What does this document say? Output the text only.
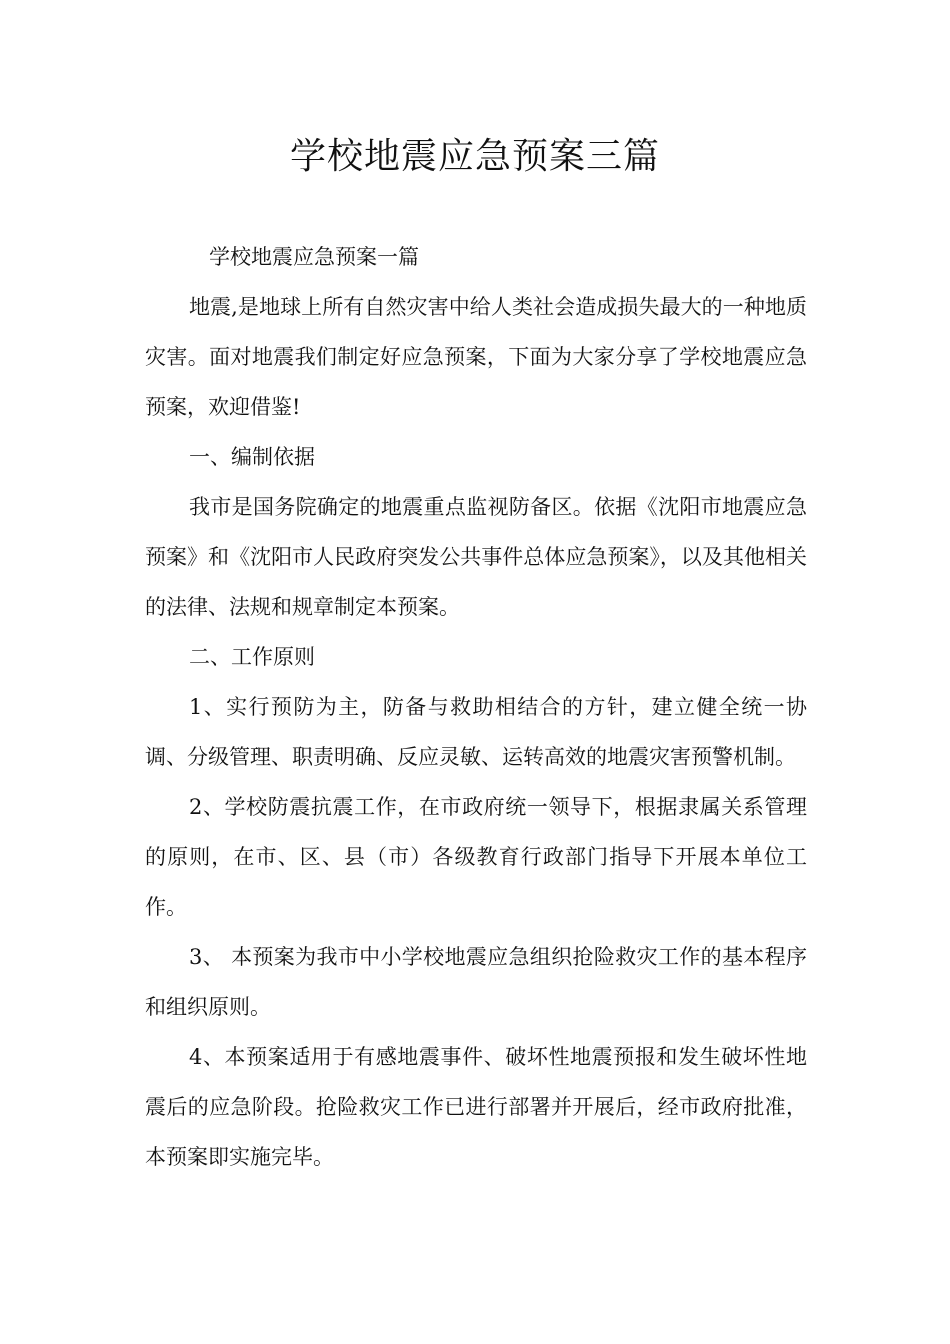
学校地震应急预案三篇

学校地震应急预案一篇

地震,是地球上所有自然灾害中给人类社会造成损失最大的一种地质灾害。面对地震我们制定好应急预案，下面为大家分享了学校地震应急预案，欢迎借鉴!

一、编制依据

我市是国务院确定的地震重点监视防备区。依据《沈阳市地震应急预案》和《沈阳市人民政府突发公共事件总体应急预案》，以及其他相关的法律、法规和规章制定本预案。

二、工作原则

1、实行预防为主，防备与救助相结合的方针，建立健全统一协调、分级管理、职责明确、反应灵敏、运转高效的地震灾害预警机制。

2、学校防震抗震工作，在市政府统一领导下，根据隶属关系管理的原则，在市、区、县（市）各级教育行政部门指导下开展本单位工作。

3、 本预案为我市中小学校地震应急组织抢险救灾工作的基本程序和组织原则。

4、本预案适用于有感地震事件、破坏性地震预报和发生破坏性地震后的应急阶段。抢险救灾工作已进行部署并开展后，经市政府批准，本预案即实施完毕。
